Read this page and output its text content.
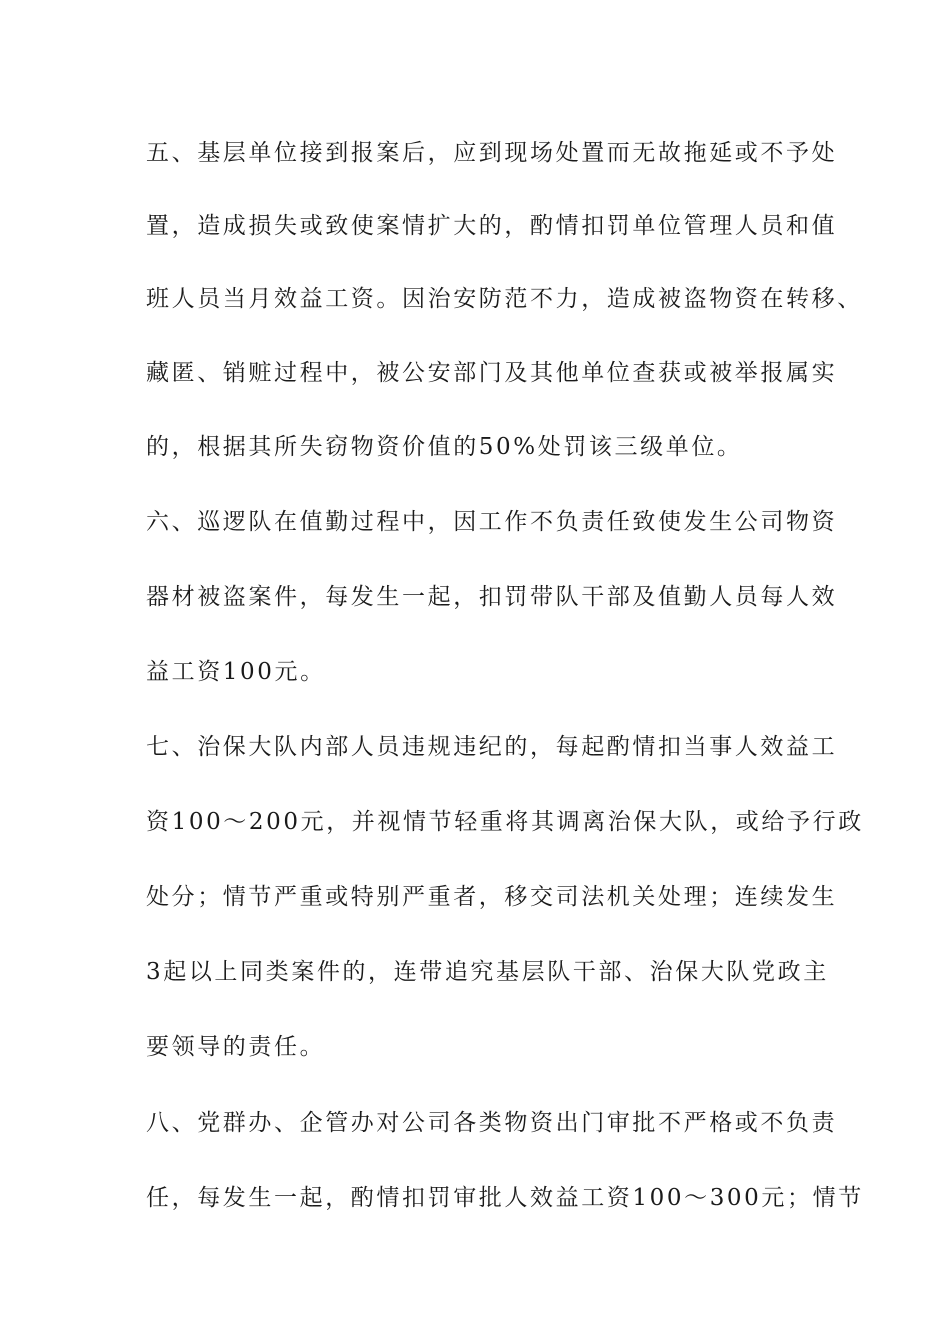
五、基层单位接到报案后，应到现场处置而无故拖延或不予处

置，造成损失或致使案情扩大的，酌情扣罚单位管理人员和值

班人员当月效益工资。因治安防范不力，造成被盗物资在转移、

藏匿、销赃过程中，被公安部门及其他单位查获或被举报属实

的，根据其所失窃物资价值的50%处罚该三级单位。

六、巡逻队在值勤过程中，因工作不负责任致使发生公司物资

器材被盗案件，每发生一起，扣罚带队干部及值勤人员每人效

益工资100元。

七、治保大队内部人员违规违纪的，每起酌情扣当事人效益工

资100～200元，并视情节轻重将其调离治保大队，或给予行政

处分；情节严重或特别严重者，移交司法机关处理；连续发生

3起以上同类案件的，连带追究基层队干部、治保大队党政主

要领导的责任。

八、党群办、企管办对公司各类物资出门审批不严格或不负责

任，每发生一起，酌情扣罚审批人效益工资100～300元；情节
